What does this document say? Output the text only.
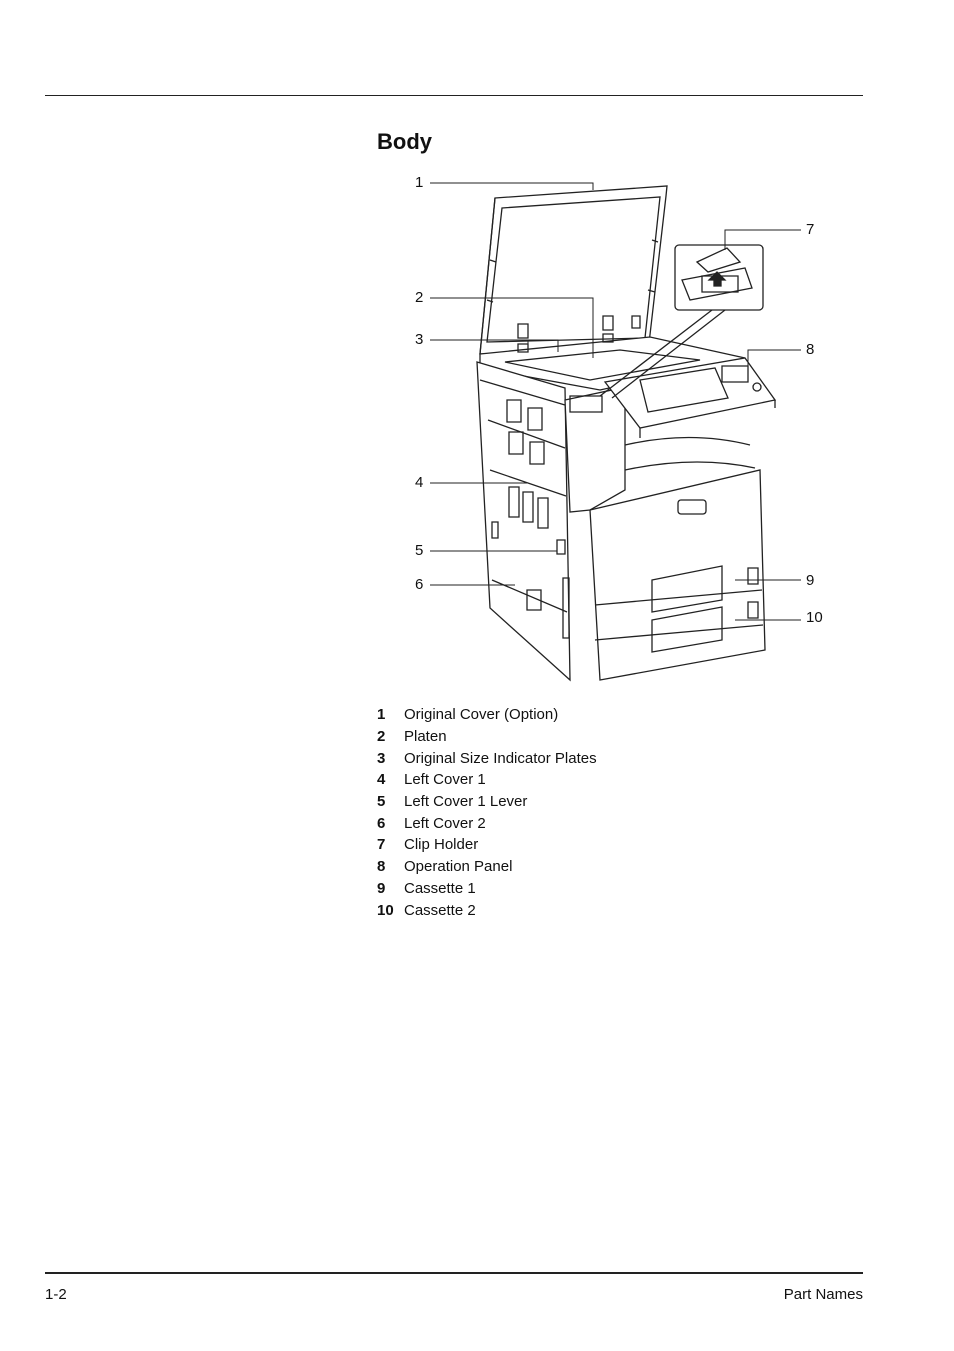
Body
1
2
3
4
5
6
7
8
9
10
1	Original Cover (Option)
2	Platen
3	Original Size Indicator Plates
4	Left Cover 1
5	Left Cover 1 Lever
6	Left Cover 2
7	Clip Holder
8	Operation Panel
9	Cassette 1
10 Cassette 2
1-2	Part Names
